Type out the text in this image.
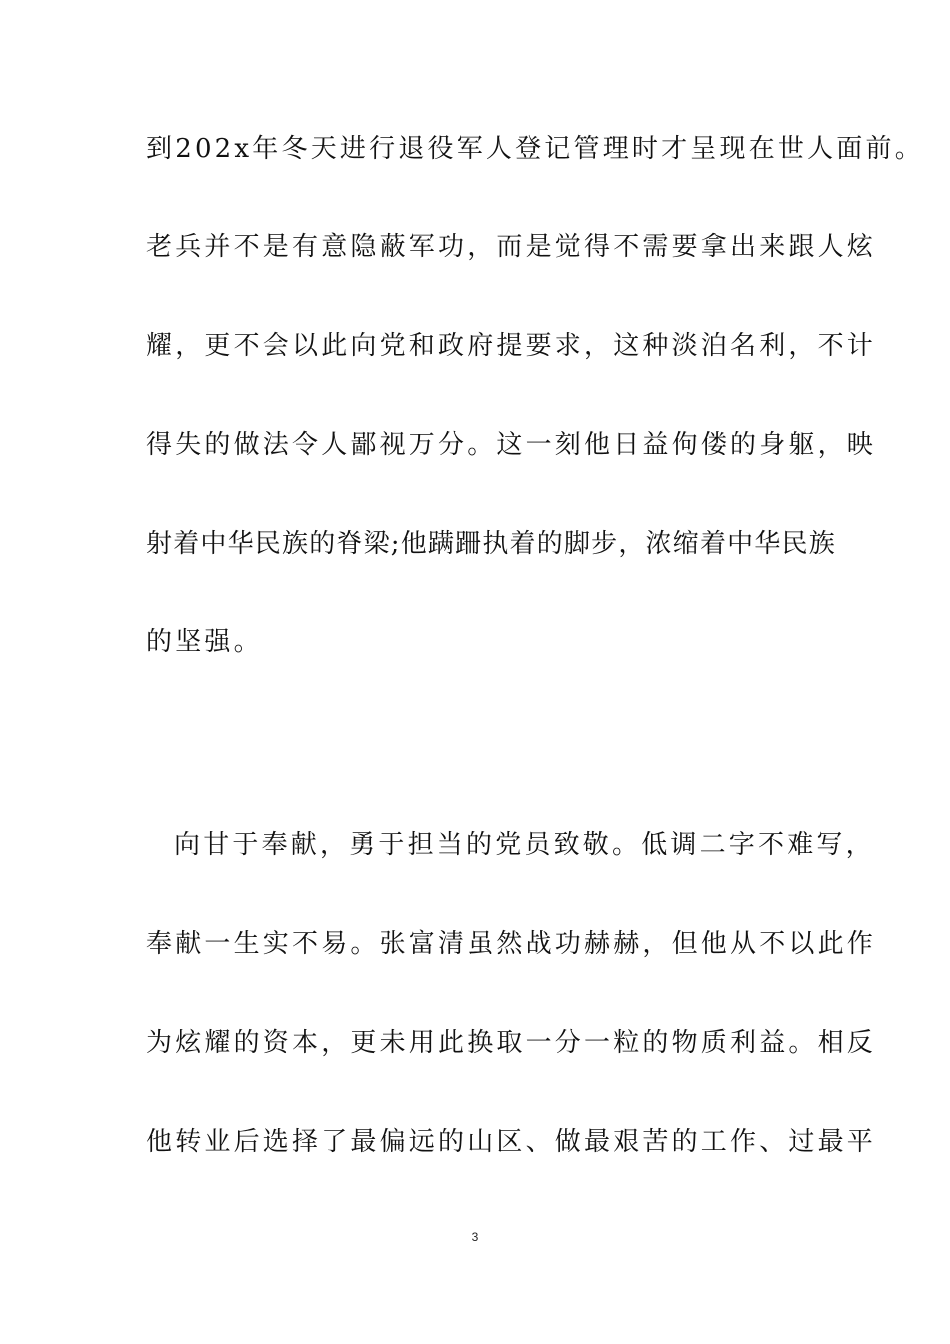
到202x年冬天进行退役军人登记管理时才呈现在世人面前。
老兵并不是有意隐蔽军功，而是觉得不需要拿出来跟人炫
耀，更不会以此向党和政府提要求，这种淡泊名利，不计
得失的做法令人鄙视万分。这一刻他日益佝偻的身躯，映
射着中华民族的脊梁;他蹒跚执着的脚步，浓缩着中华民族
的坚强。
向甘于奉献，勇于担当的党员致敬。低调二字不难写，
奉献一生实不易。张富清虽然战功赫赫，但他从不以此作
为炫耀的资本，更未用此换取一分一粒的物质利益。相反
他转业后选择了最偏远的山区、做最艰苦的工作、过最平
3
